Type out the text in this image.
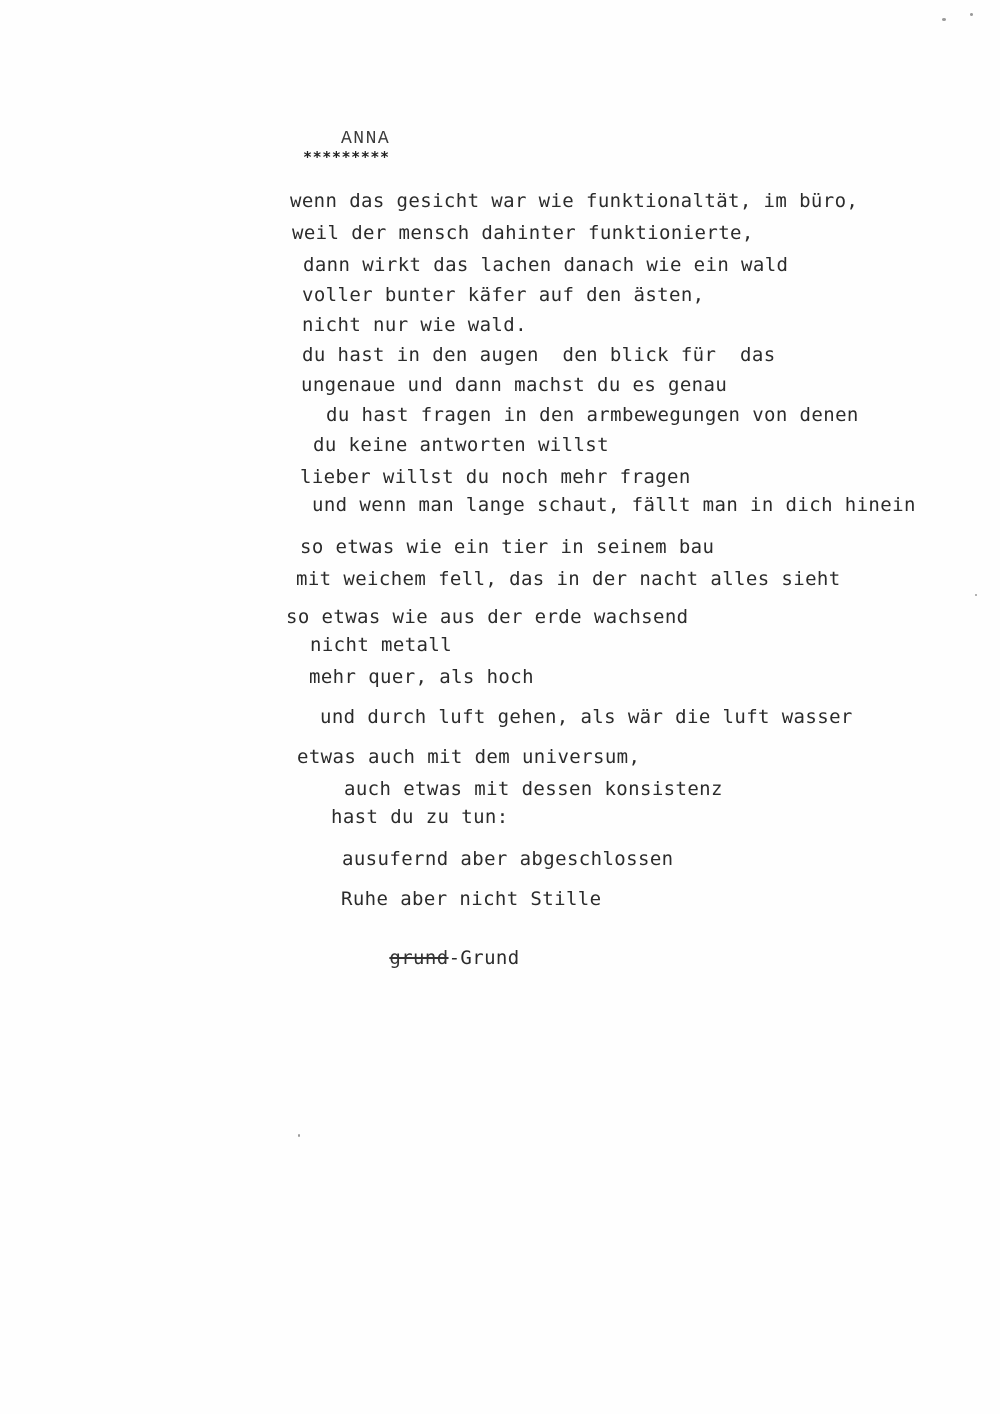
ANNA
*********
wenn das gesicht war wie funktionaltät, im büro,
weil der mensch dahinter funktionierte,
dann wirkt das lachen danach wie ein wald
voller bunter käfer auf den ästen,
nicht nur wie wald.
du hast in den augen  den blick für  das
ungenaue und dann machst du es genau
du hast fragen in den armbewegungen von denen
du keine antworten willst
lieber willst du noch mehr fragen
und wenn man lange schaut, fällt man in dich hinein
so etwas wie ein tier in seinem bau
mit weichem fell, das in der nacht alles sieht
so etwas wie aus der erde wachsend
nicht metall
mehr quer, als hoch
und durch luft gehen, als wär die luft wasser
etwas auch mit dem universum,
auch etwas mit dessen konsistenz
hast du zu tun:
ausufernd aber abgeschlossen
Ruhe aber nicht Stille

grund-Grund
